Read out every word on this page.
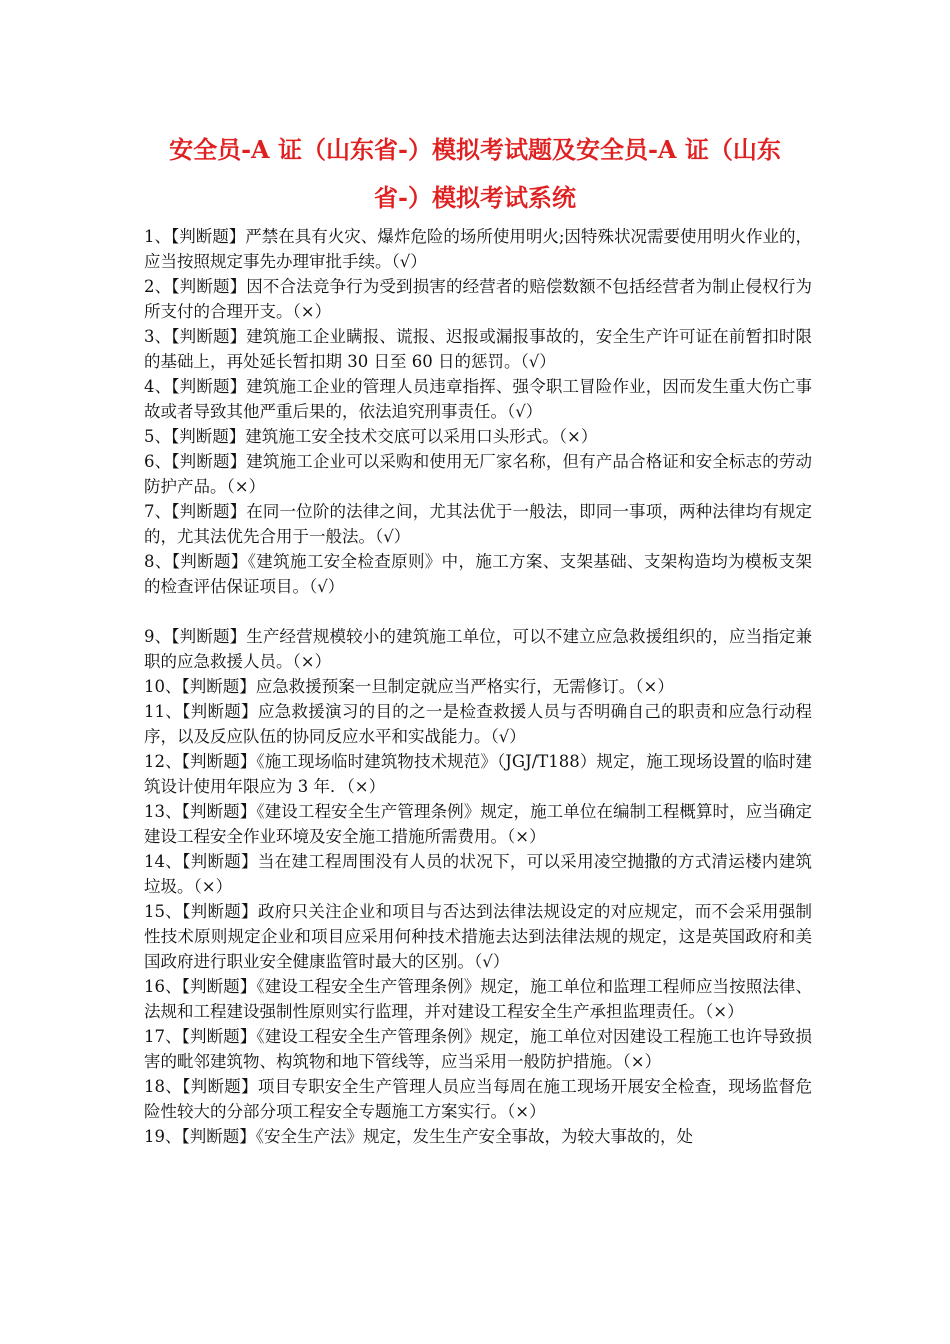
安全员-A 证（山东省-）模拟考试题及安全员-A 证（山东
省-）模拟考试系统

1、【判断题】严禁在具有火灾、爆炸危险的场所使用明火;因特殊状况需要使用明火作业的，应当按照规定事先办理审批手续。（√）

2、【判断题】因不合法竞争行为受到损害的经营者的赔偿数额不包括经营者为制止侵权行为所支付的合理开支。（×）

3、【判断题】建筑施工企业瞒报、谎报、迟报或漏报事故的，安全生产许可证在前暂扣时限的基础上，再处延长暂扣期 30 日至 60 日的惩罚。（√）

4、【判断题】建筑施工企业的管理人员违章指挥、强令职工冒险作业，因而发生重大伤亡事故或者导致其他严重后果的，依法追究刑事责任。（√）

5、【判断题】建筑施工安全技术交底可以采用口头形式。（×）

6、【判断题】建筑施工企业可以采购和使用无厂家名称，但有产品合格证和安全标志的劳动防护产品。（×）

7、【判断题】在同一位阶的法律之间，尤其法优于一般法，即同一事项，两种法律均有规定的，尤其法优先合用于一般法。（√）

8、【判断题】《建筑施工安全检查原则》中，施工方案、支架基础、支架构造均为模板支架的检查评估保证项目。（√）

9、【判断题】生产经营规模较小的建筑施工单位，可以不建立应急救援组织的，应当指定兼职的应急救援人员。（×）

10、【判断题】应急救援预案一旦制定就应当严格实行，无需修订。（×）

11、【判断题】应急救援演习的目的之一是检查救援人员与否明确自己的职责和应急行动程序，以及反应队伍的协同反应水平和实战能力。（√）

12、【判断题】《施工现场临时建筑物技术规范》（JGJ/T188）规定，施工现场设置的临时建筑设计使用年限应为 3 年．（×）

13、【判断题】《建设工程安全生产管理条例》规定，施工单位在编制工程概算时，应当确定建设工程安全作业环境及安全施工措施所需费用。（×）

14、【判断题】当在建工程周围没有人员的状况下，可以采用凌空抛撒的方式清运楼内建筑垃圾。（×）

15、【判断题】政府只关注企业和项目与否达到法律法规设定的对应规定，而不会采用强制性技术原则规定企业和项目应采用何种技术措施去达到法律法规的规定，这是英国政府和美国政府进行职业安全健康监管时最大的区别。（√）

16、【判断题】《建设工程安全生产管理条例》规定，施工单位和监理工程师应当按照法律、法规和工程建设强制性原则实行监理，并对建设工程安全生产承担监理责任。（×）

17、【判断题】《建设工程安全生产管理条例》规定，施工单位对因建设工程施工也许导致损害的毗邻建筑物、构筑物和地下管线等，应当采用一般防护措施。（×）

18、【判断题】项目专职安全生产管理人员应当每周在施工现场开展安全检查，现场监督危险性较大的分部分项工程安全专题施工方案实行。（×）

19、【判断题】《安全生产法》规定，发生生产安全事故，为较大事故的，处
